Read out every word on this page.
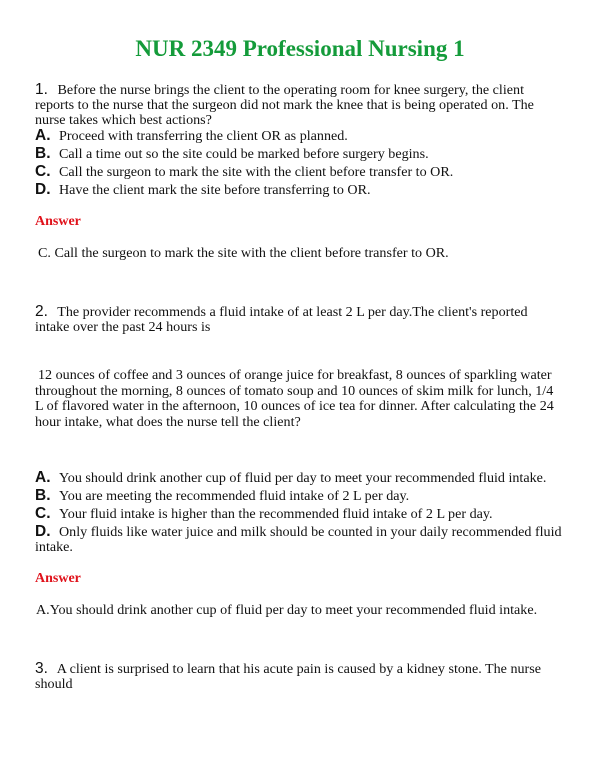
NUR 2349 Professional Nursing 1
1. Before the nurse brings the client to the operating room for knee surgery, the client reports to the nurse that the surgeon did not mark the knee that is being operated on. The nurse takes which best actions?
A. Proceed with transferring the client OR as planned.
B. Call a time out so the site could be marked before surgery begins.
C. Call the surgeon to mark the site with the client before transfer to OR.
D. Have the client mark the site before transferring to OR.
Answer
C. Call the surgeon to mark the site with the client before transfer to OR.
2. The provider recommends a fluid intake of at least 2 L per day.The client's reported intake over the past 24 hours is
12 ounces of coffee and 3 ounces of orange juice for breakfast, 8 ounces of sparkling water throughout the morning, 8 ounces of tomato soup and 10 ounces of skim milk for lunch, 1/4 L of flavored water in the afternoon, 10 ounces of ice tea for dinner. After calculating the 24 hour intake, what does the nurse tell the client?
A. You should drink another cup of fluid per day to meet your recommended fluid intake.
B. You are meeting the recommended fluid intake of 2 L per day.
C. Your fluid intake is higher than the recommended fluid intake of 2 L per day.
D. Only fluids like water juice and milk should be counted in your daily recommended fluid intake.
Answer
A.You should drink another cup of fluid per day to meet your recommended fluid intake.
3. A client is surprised to learn that his acute pain is caused by a kidney stone. The nurse should
